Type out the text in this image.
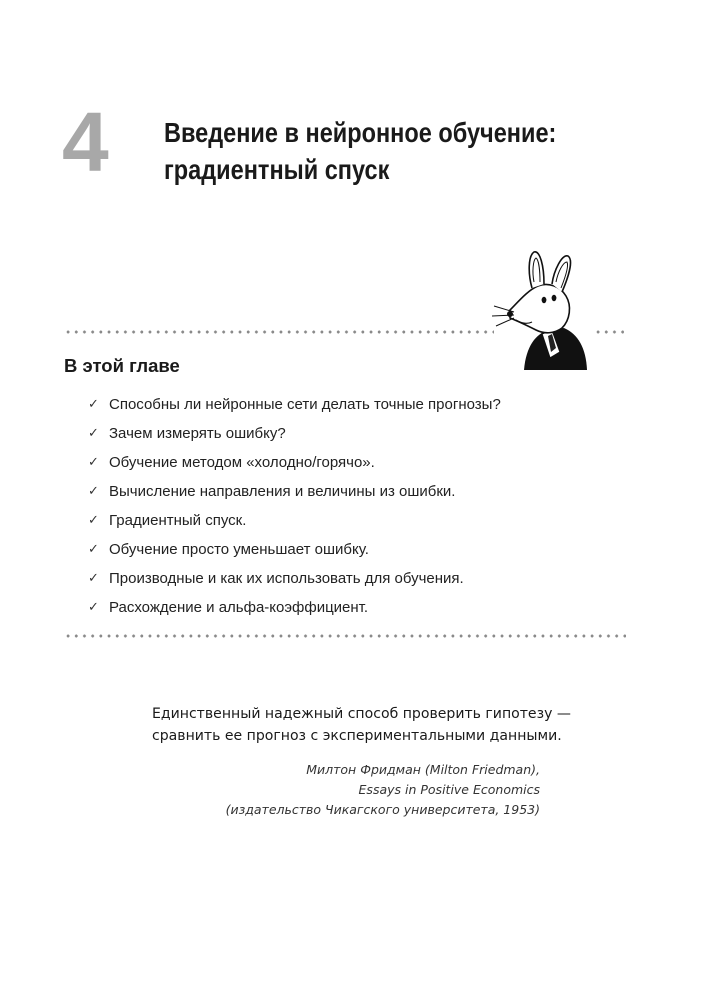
4 Введение в нейронное обучение:
градиентный спуск
В этой главе
✓ Способны ли нейронные сети делать точные прогнозы?
✓ Зачем измерять ошибку?
✓ Обучение методом «холодно/горячо».
✓ Вычисление направления и величины из ошибки.
✓ Градиентный спуск.
✓ Обучение просто уменьшает ошибку.
✓ Производные и как их использовать для обучения.
✓ Расхождение и альфа-коэффициент.
Единственный надежный способ проверить гипотезу —
сравнить ее прогноз с экспериментальными данными.
Милтон Фридман (Milton Friedman),
Essays in Positive Economics
(издательство Чикагского университета, 1953)
